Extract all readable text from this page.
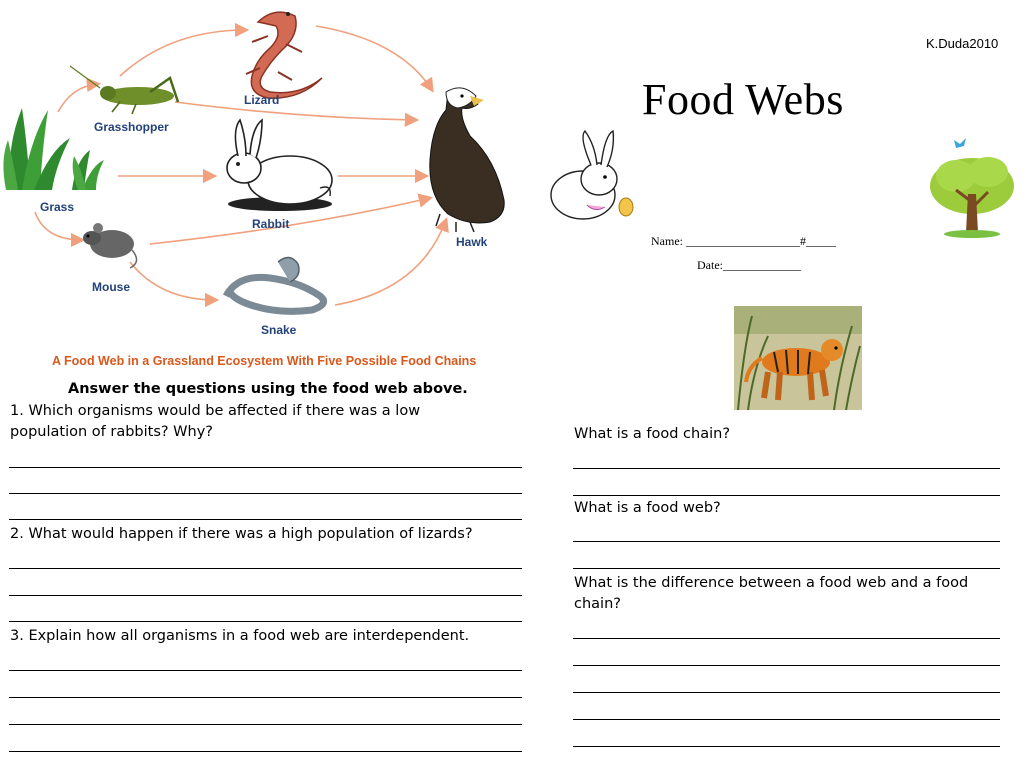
Lizard
Grasshopper
Grass
Rabbit
Hawk
Mouse
Snake
A Food Web in a Grassland Ecosystem With Five Possible Food Chains
K.Duda2010
Food Webs
Name: ___________________#_____
Date:_____________
Answer the questions using the food web above.
1. Which organisms would be affected if there was a low
population of rabbits? Why?
2. What would happen if there was a high population of lizards?
3. Explain how all organisms in a food web are interdependent.
What is a food chain?
What is a food web?
What is the difference between a food web and a food
chain?
